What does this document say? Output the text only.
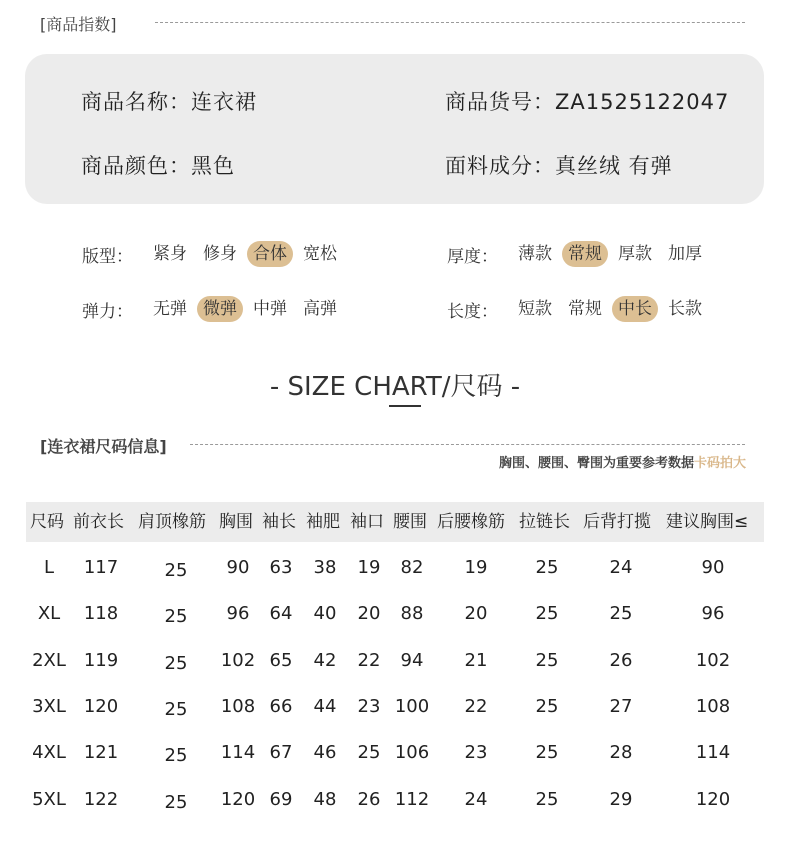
[商品指数]
商品名称：连衣裙	商品货号：ZA1525122047
商品颜色：黑色	面料成分：真丝绒 有弹
版型：	紧身 修身 合体 宽松	厚度：	薄款 常规 厚款 加厚
弹力：	无弹 微弹 中弹 高弹	长度：	短款 常规 中长 长款
- SIZE CHART/尺码 -
[连衣裙尺码信息]
胸围、腰围、臀围为重要参考数据卡码拍大
尺码 前衣长 肩顶橡筋 胸围 袖长 袖肥 袖口 腰围 后腰橡筋 拉链长 后背打揽 建议胸围≤
L 117	25 90 63 38 19 82 19	25	24	90
XL 118	25 96 64 40 20 88 20	25	25	96
2XL 119	25 102 65 42 22 94 21	25	26	102
3XL 120	25 108 66 44 23 100 22	25	27	108
4XL 121	25 114 67 46 25 106 23	25	28	114
5XL 122	25 120 69 48 26 112 24	25	29	120
